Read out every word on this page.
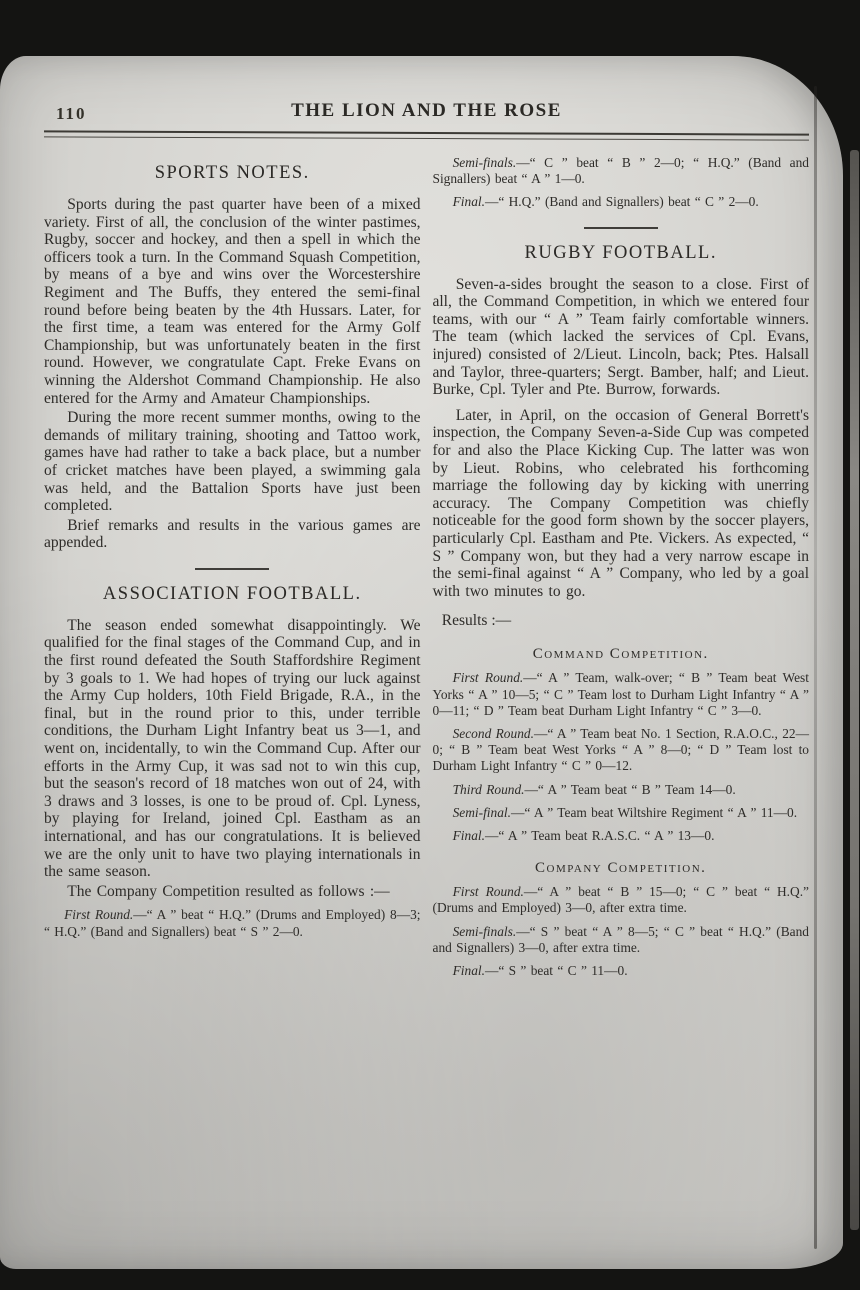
110	THE LION AND THE ROSE
SPORTS NOTES.

Sports during the past quarter have been of a mixed variety. First of all, the conclusion of the winter pastimes, Rugby, soccer and hockey, and then a spell in which the officers took a turn. In the Command Squash Competition, by means of a bye and wins over the Worcestershire Regiment and The Buffs, they entered the semi-final round before being beaten by the 4th Hussars. Later, for the first time, a team was entered for the Army Golf Championship, but was unfortunately beaten in the first round. However, we congratulate Capt. Freke Evans on winning the Aldershot Command Championship. He also entered for the Army and Amateur Championships.

During the more recent summer months, owing to the demands of military training, shooting and Tattoo work, games have had rather to take a back place, but a number of cricket matches have been played, a swimming gala was held, and the Battalion Sports have just been completed.

Brief remarks and results in the various games are appended.

ASSOCIATION FOOTBALL.

The season ended somewhat disappointingly. We qualified for the final stages of the Command Cup, and in the first round defeated the South Staffordshire Regiment by 3 goals to 1. We had hopes of trying our luck against the Army Cup holders, 10th Field Brigade, R.A., in the final, but in the round prior to this, under terrible conditions, the Durham Light Infantry beat us 3—1, and went on, incidentally, to win the Command Cup. After our efforts in the Army Cup, it was sad not to win this cup, but the season's record of 18 matches won out of 24, with 3 draws and 3 losses, is one to be proud of. Cpl. Lyness, by playing for Ireland, joined Cpl. Eastham as an international, and has our congratulations. It is believed we are the only unit to have two playing internationals in the same season.

The Company Competition resulted as follows :—

First Round.—“ A ” beat “ H.Q.” (Drums and Employed) 8—3; “ H.Q.” (Band and Signallers) beat “ S ” 2—0.

Semi-finals.—“ C ” beat “ B ” 2—0; “ H.Q.” (Band and Signallers) beat “ A ” 1—0.

Final.—“ H.Q.” (Band and Signallers) beat “ C ” 2—0.

RUGBY FOOTBALL.

Seven-a-sides brought the season to a close. First of all, the Command Competition, in which we entered four teams, with our “ A ” Team fairly comfortable winners. The team (which lacked the services of Cpl. Evans, injured) consisted of 2/Lieut. Lincoln, back; Ptes. Halsall and Taylor, three-quarters; Sergt. Bamber, half; and Lieut. Burke, Cpl. Tyler and Pte. Burrow, forwards.

Later, in April, on the occasion of General Borrett's inspection, the Company Seven-a-Side Cup was competed for and also the Place Kicking Cup. The latter was won by Lieut. Robins, who celebrated his forthcoming marriage the following day by kicking with unerring accuracy. The Company Competition was chiefly noticeable for the good form shown by the soccer players, particularly Cpl. Eastham and Pte. Vickers. As expected, “ S ” Company won, but they had a very narrow escape in the semi-final against “ A ” Company, who led by a goal with two minutes to go.

Results :—

Command Competition.

First Round.—“ A ” Team, walk-over; “ B ” Team beat West Yorks “ A ” 10—5; “ C ” Team lost to Durham Light Infantry “ A ” 0—11; “ D ” Team beat Durham Light Infantry “ C ” 3—0.

Second Round.—“ A ” Team beat No. 1 Section, R.A.O.C., 22—0; “ B ” Team beat West Yorks “ A ” 8—0; “ D ” Team lost to Durham Light Infantry “ C ” 0—12.

Third Round.—“ A ” Team beat “ B ” Team 14—0.

Semi-final.—“ A ” Team beat Wiltshire Regiment “ A ” 11—0.

Final.—“ A ” Team beat R.A.S.C. “ A ” 13—0.

Company Competition.

First Round.—“ A ” beat “ B ” 15—0; “ C ” beat “ H.Q.” (Drums and Employed) 3—0, after extra time.

Semi-finals.—“ S ” beat “ A ” 8—5; “ C ” beat “ H.Q.” (Band and Signallers) 3—0, after extra time.

Final.—“ S ” beat “ C ” 11—0.
